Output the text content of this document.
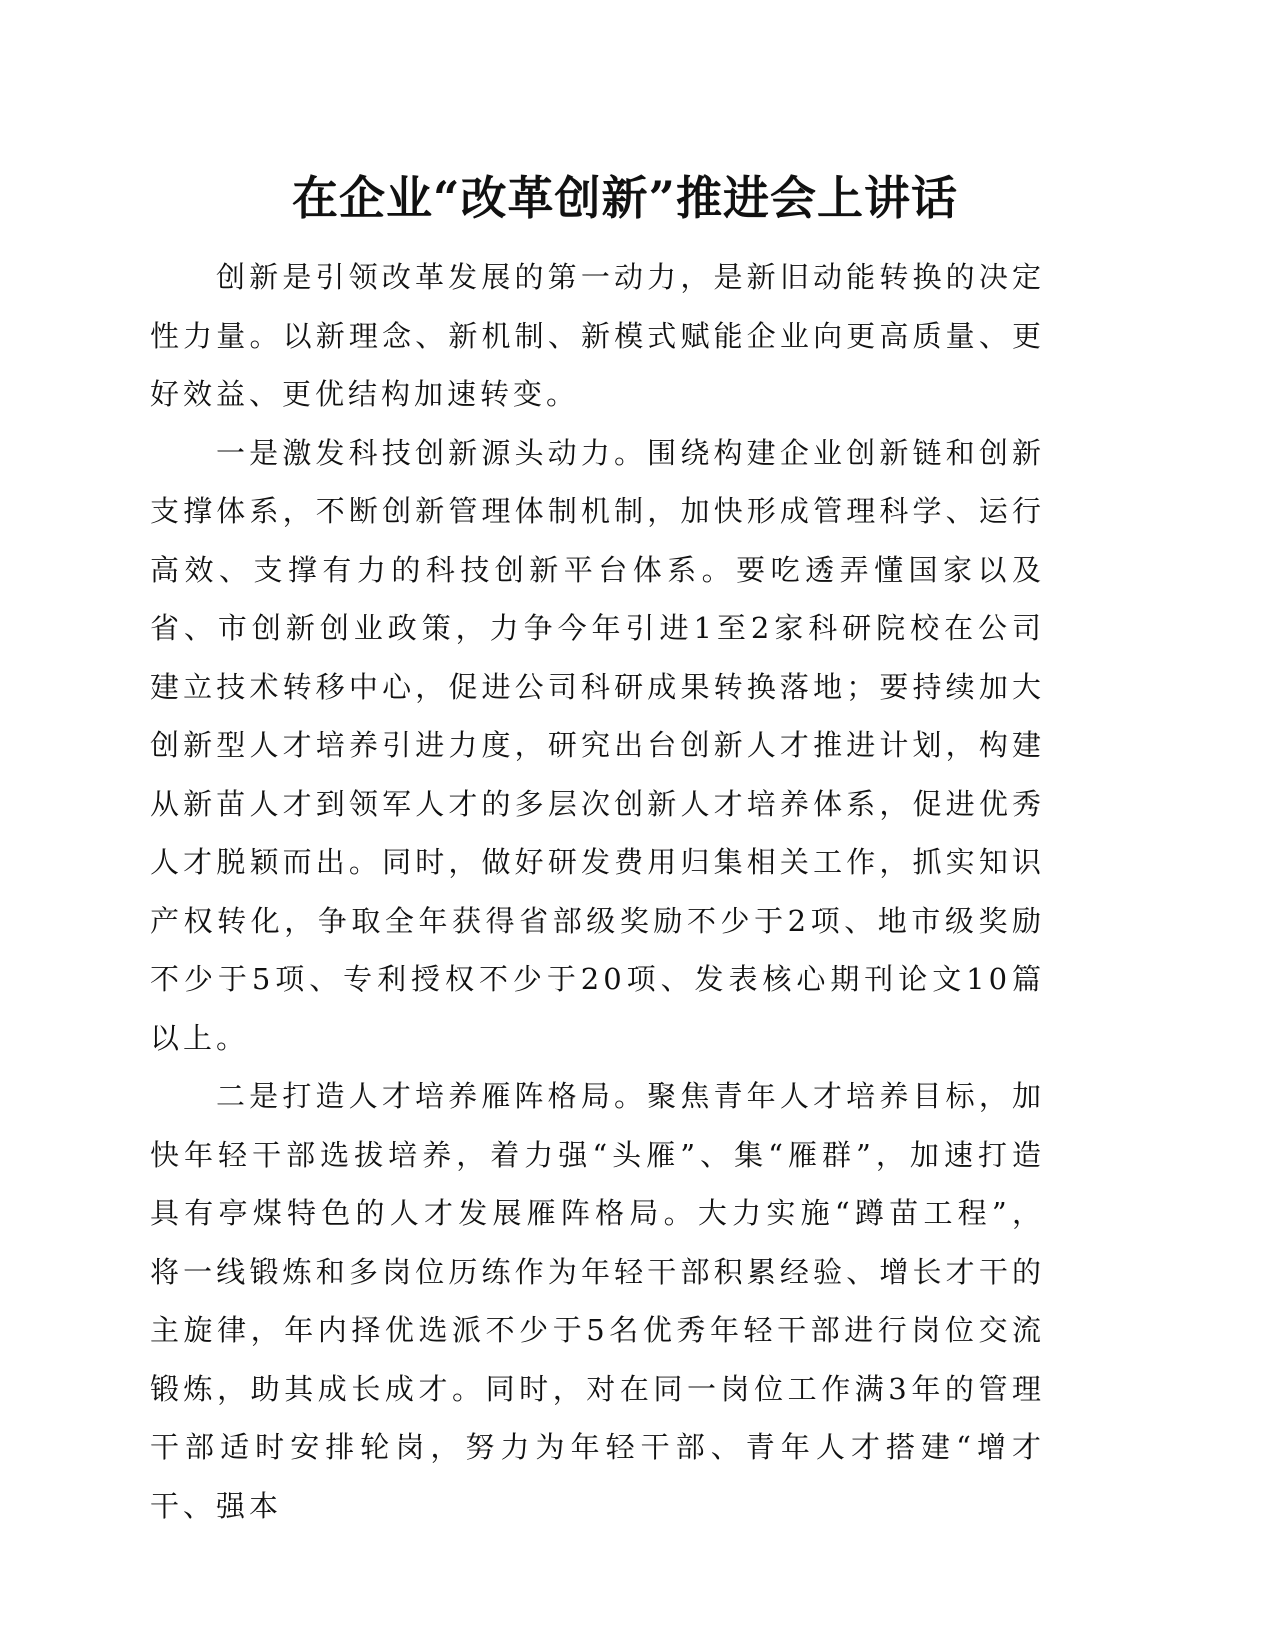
在企业“改革创新”推进会上讲话

创新是引领改革发展的第一动力，是新旧动能转换的决定性力量。以新理念、新机制、新模式赋能企业向更高质量、更好效益、更优结构加速转变。

一是激发科技创新源头动力。围绕构建企业创新链和创新支撑体系，不断创新管理体制机制，加快形成管理科学、运行高效、支撑有力的科技创新平台体系。要吃透弄懂国家以及省、市创新创业政策，力争今年引进1至2家科研院校在公司建立技术转移中心，促进公司科研成果转换落地；要持续加大创新型人才培养引进力度，研究出台创新人才推进计划，构建从新苗人才到领军人才的多层次创新人才培养体系，促进优秀人才脱颖而出。同时，做好研发费用归集相关工作，抓实知识产权转化，争取全年获得省部级奖励不少于2项、地市级奖励不少于5项、专利授权不少于20项、发表核心期刊论文10篇以上。

二是打造人才培养雁阵格局。聚焦青年人才培养目标，加快年轻干部选拔培养，着力强“头雁”、集“雁群”，加速打造具有亭煤特色的人才发展雁阵格局。大力实施“蹲苗工程”，将一线锻炼和多岗位历练作为年轻干部积累经验、增长才干的主旋律，年内择优选派不少于5名优秀年轻干部进行岗位交流锻炼，助其成长成才。同时，对在同一岗位工作满3年的管理干部适时安排轮岗，努力为年轻干部、青年人才搭建“增才干、强本
